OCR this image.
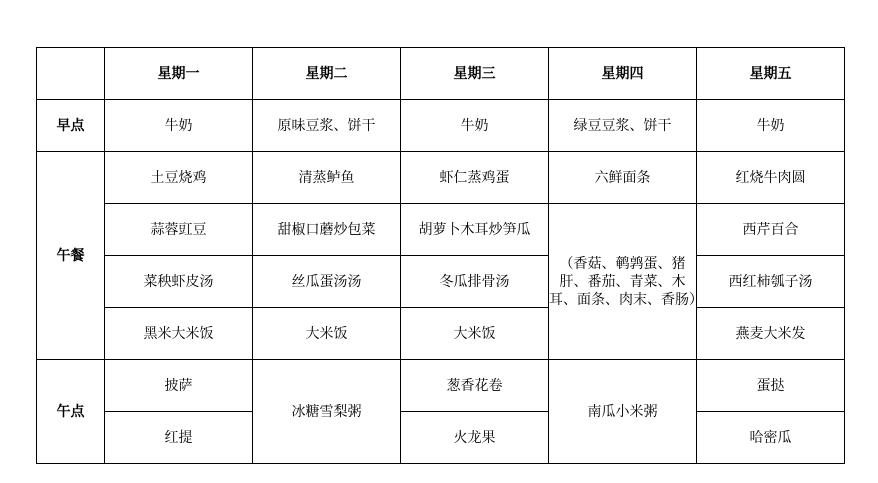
	星期一	星期二	星期三	星期四	星期五
早点	牛奶	原味豆浆、饼干	牛奶	绿豆豆浆、饼干	牛奶
午餐	土豆烧鸡	清蒸鲈鱼	虾仁蒸鸡蛋	六鲜面条	红烧牛肉圆
	蒜蓉豇豆	甜椒口蘑炒包菜	胡萝卜木耳炒笋瓜	（香菇、鹌鹑蛋、猪肝、番茄、青菜、木耳、面条、肉末、香肠）	西芹百合
	菜秧虾皮汤	丝瓜蛋汤汤	冬瓜排骨汤		西红柿瓠子汤
	黑米大米饭	大米饭	大米饭		燕麦大米发
午点	披萨	冰糖雪梨粥	葱香花卷	南瓜小米粥	蛋挞
	红提		火龙果		哈密瓜
